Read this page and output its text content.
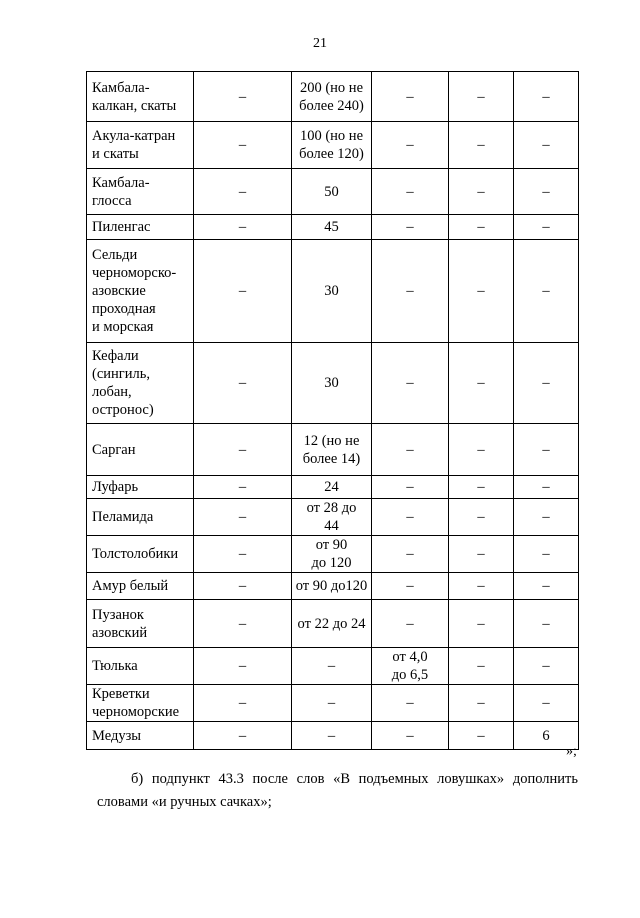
21
Камбала-
калкан, скаты	–	200 (но не
более 240)	–	–	–
Акула-катран
и скаты	–	100 (но не
более 120)	–	–	–
Камбала-
глосса	–	50	–	–	–
Пиленгас	–	45	–	–	–
Сельди
черноморско-
азовские
проходная
и морская	–	30	–	–	–
Кефали
(сингиль,
лобан,
остронос)	–	30	–	–	–
Сарган	–	12 (но не
более 14)	–	–	–
Луфарь	–	24	–	–	–
Пеламида	–	от 28 до
44	–	–	–
Толстолобики	–	от 90
до 120	–	–	–
Амур белый	–	от 90 до120	–	–	–
Пузанок
азовский	–	от 22 до 24	–	–	–
Тюлька	–	–	от 4,0
до 6,5	–	–
Креветки
черноморские	–	–	–	–	–
Медузы	–	–	–	–	6
»;
б) подпункт 43.3 после слов «В подъемных ловушках» дополнить
словами «и ручных сачках»;
